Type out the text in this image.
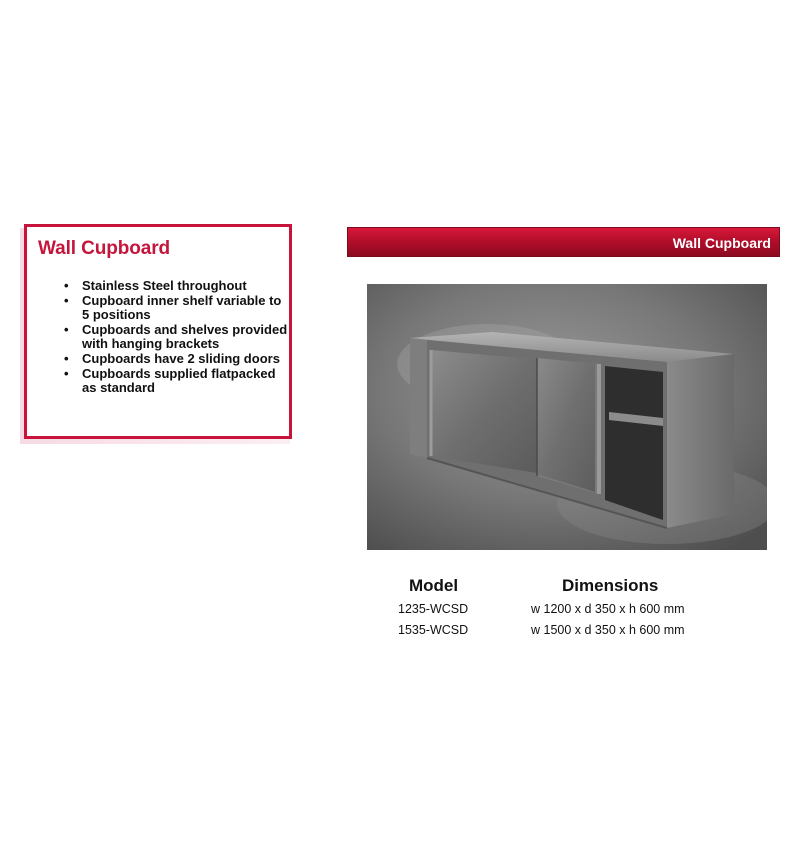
Wall Cupboard
• Stainless Steel throughout
• Cupboard inner shelf variable to 5 positions
• Cupboards and shelves provided with hanging brackets
• Cupboards have 2 sliding doors
• Cupboards supplied flatpacked as standard
Wall Cupboard
Model	Dimensions

1235-WCSD	w 1200 x d 350 x h 600 mm

1535-WCSD	w 1500 x d 350 x h 600 mm
